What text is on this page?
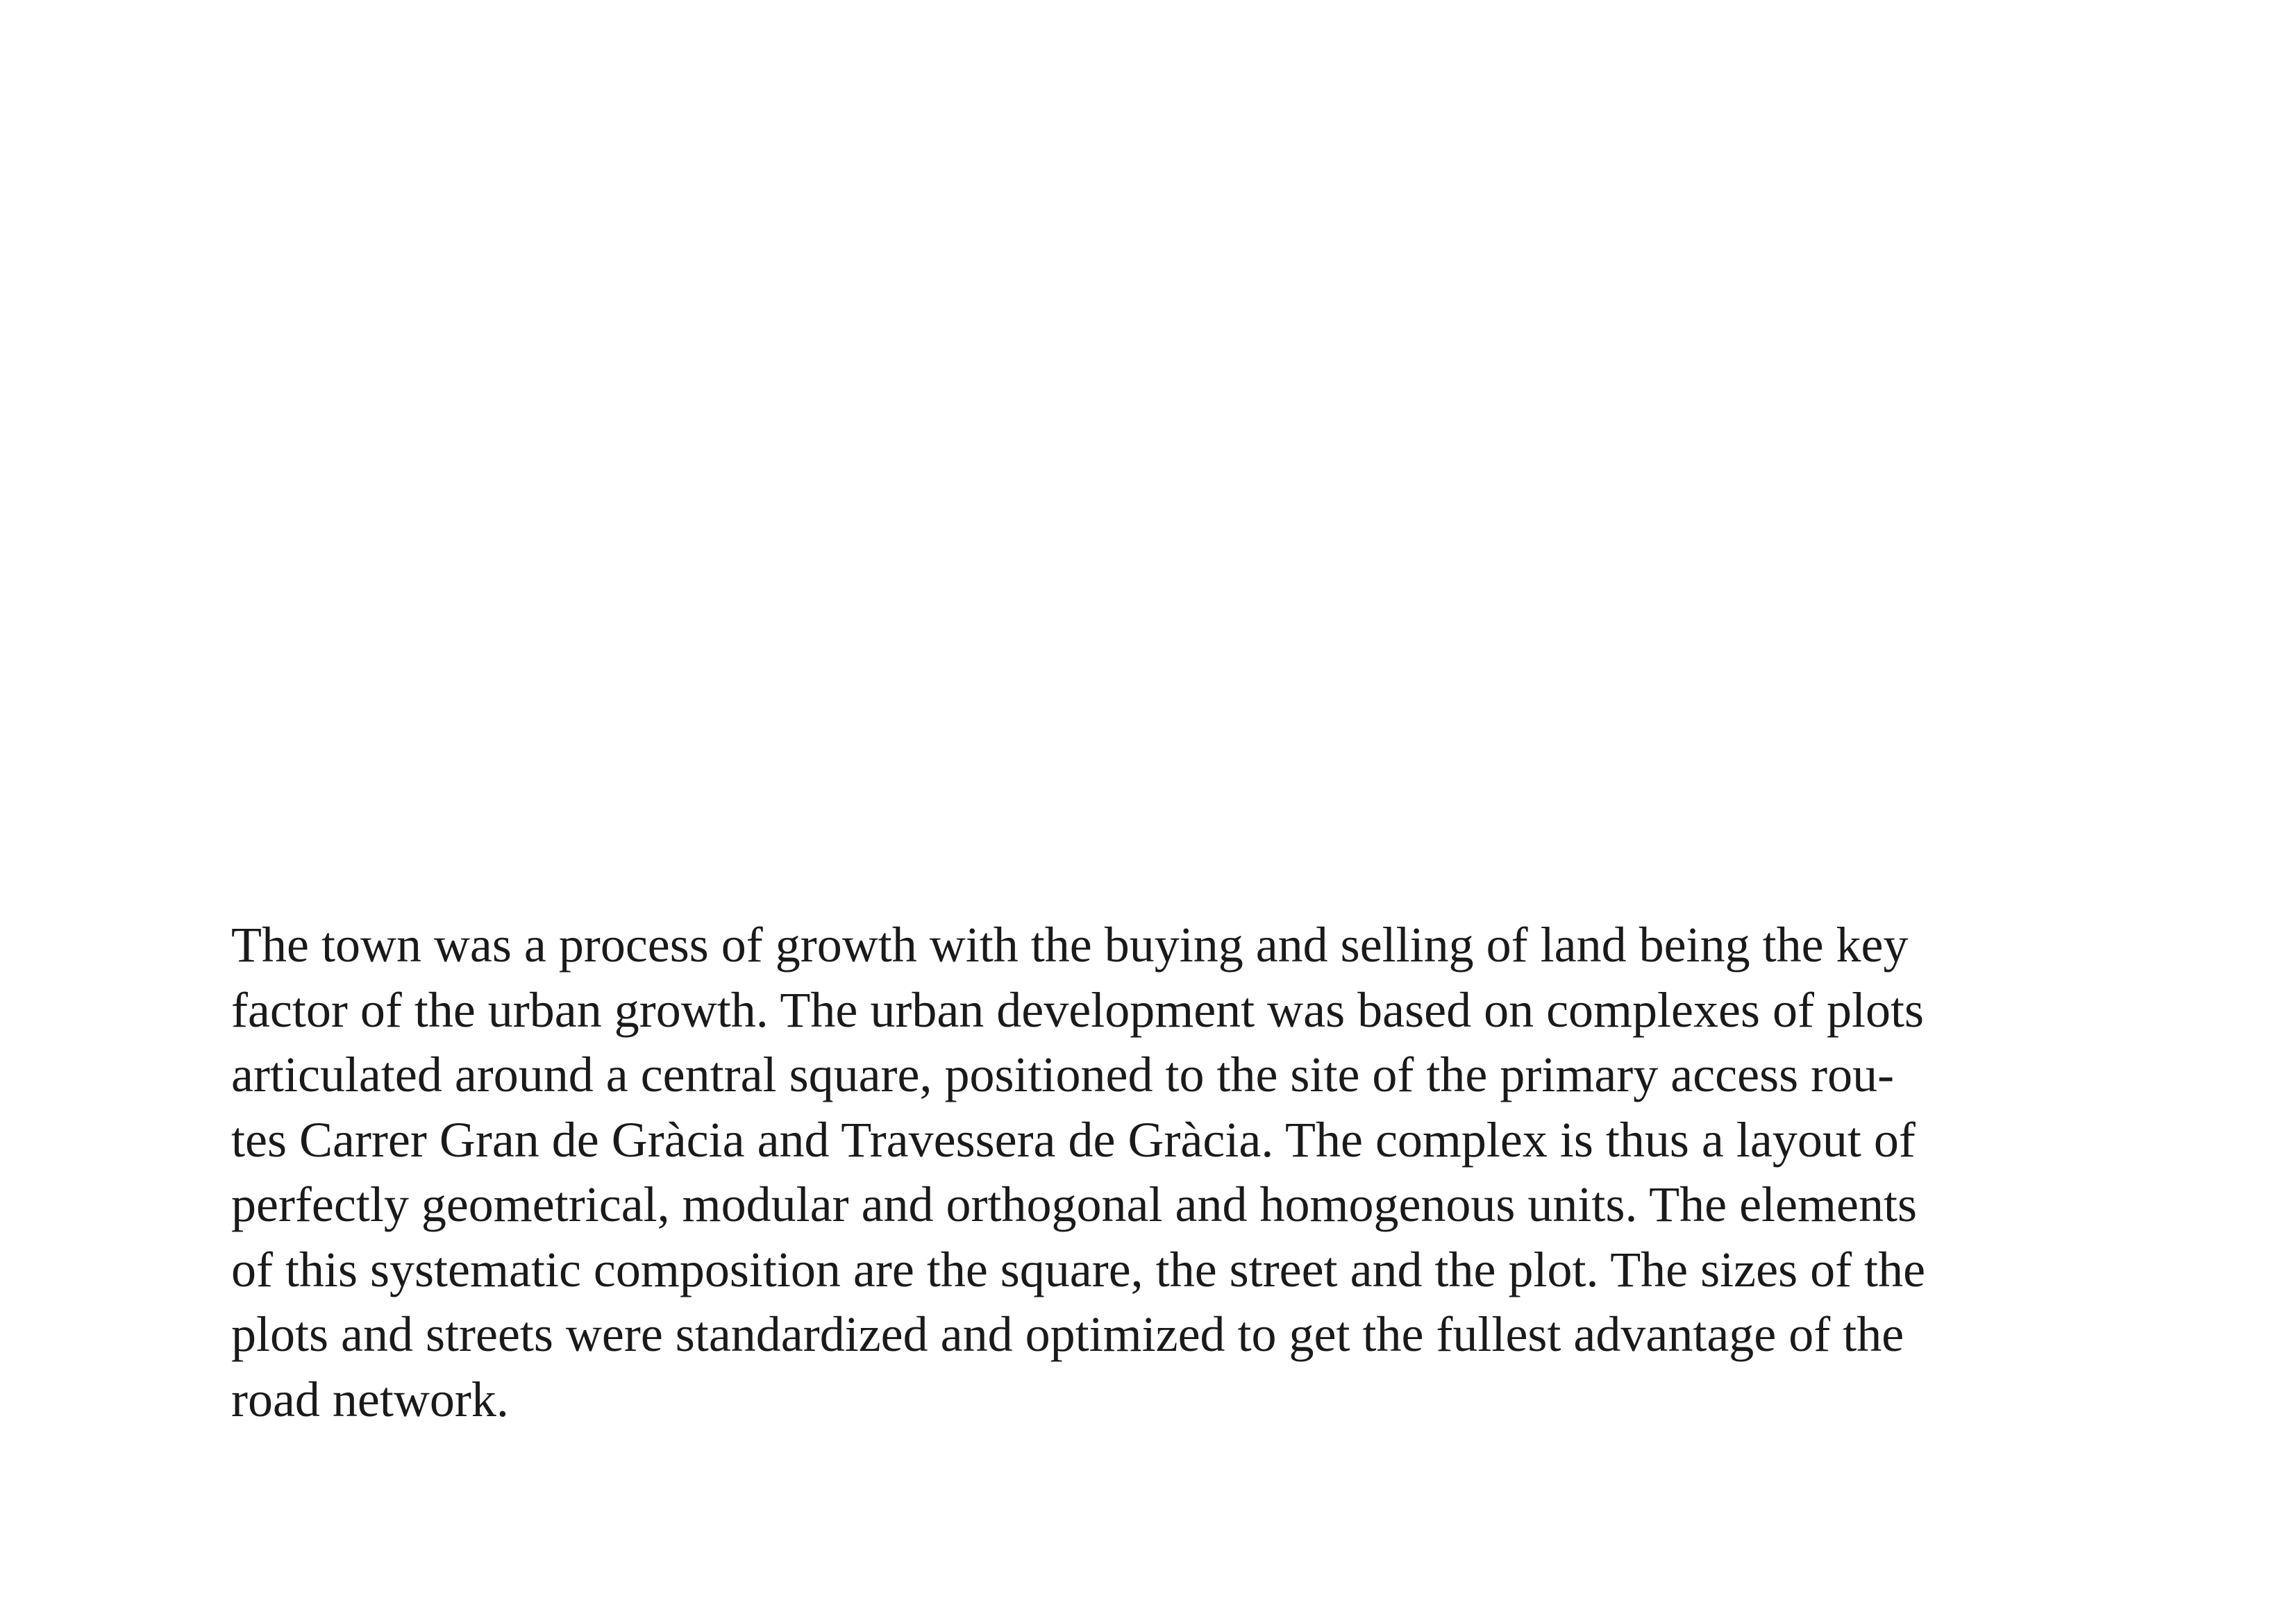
The town was a process of growth with the buying and selling of land being the key
factor of the urban growth. The urban development was based on complexes of plots
articulated around a central square, positioned to the site of the primary access rou-
tes Carrer Gran de Gràcia and Travessera de Gràcia. The complex is thus a layout of
perfectly geometrical, modular and orthogonal and homogenous units. The elements
of this systematic composition are the square, the street and the plot. The sizes of the
plots and streets were standardized and optimized to get the fullest advantage of the
road network.
